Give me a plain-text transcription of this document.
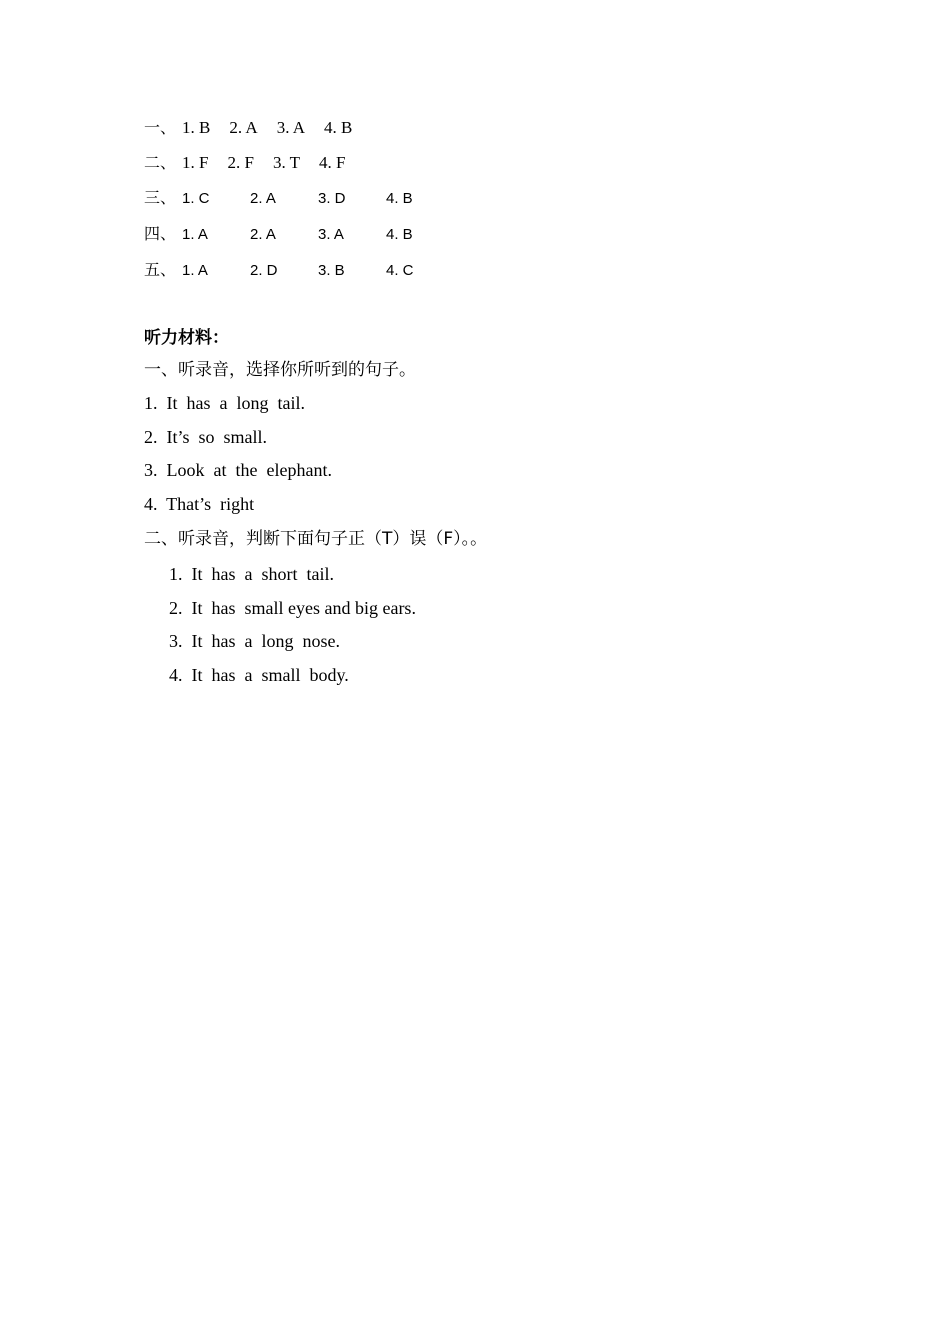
一、 1. B 2. A 3. A 4. B
二、 1. F 2. F 3. T 4. F
三、 1. C	2. A	3. D	4. B
四、 1. A	2. A	3. A	4. B
五、 1. A	2. D	3. B	4. C
听力材料：
一、听录音，选择你所听到的句子。
1.  It  has  a  long  tail.
2.  It’s  so  small.
3.  Look  at  the  elephant.
4.  That’s  right
二、听录音，判断下面句子正（T）误（F）。。
1.  It  has  a  short  tail.
2.  It  has  small eyes and big ears.
3.  It  has  a  long  nose.
4.  It  has  a  small  body.
